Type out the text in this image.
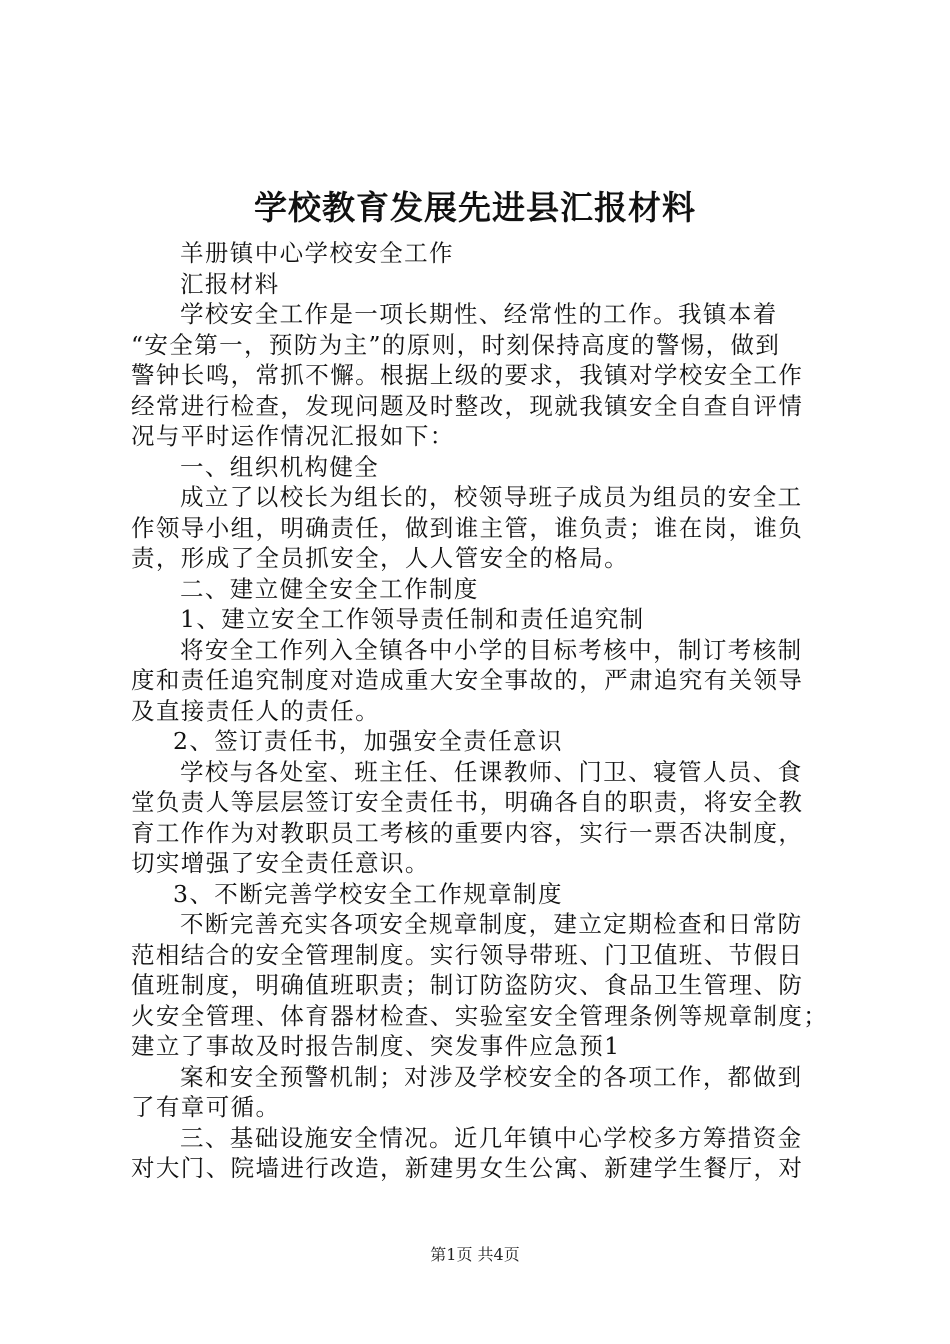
学校教育发展先进县汇报材料
羊册镇中心学校安全工作
汇报材料
学校安全工作是一项长期性、经常性的工作。我镇本着
“安全第一，预防为主”的原则，时刻保持高度的警惕，做到
警钟长鸣，常抓不懈。根据上级的要求，我镇对学校安全工作
经常进行检查，发现问题及时整改，现就我镇安全自查自评情
况与平时运作情况汇报如下：
一、组织机构健全
成立了以校长为组长的，校领导班子成员为组员的安全工
作领导小组，明确责任，做到谁主管，谁负责；谁在岗，谁负
责，形成了全员抓安全，人人管安全的格局。
二、建立健全安全工作制度
1、建立安全工作领导责任制和责任追究制
将安全工作列入全镇各中小学的目标考核中，制订考核制
度和责任追究制度对造成重大安全事故的，严肃追究有关领导
及直接责任人的责任。
2、签订责任书，加强安全责任意识
学校与各处室、班主任、任课教师、门卫、寝管人员、食
堂负责人等层层签订安全责任书，明确各自的职责，将安全教
育工作作为对教职员工考核的重要内容，实行一票否决制度，
切实增强了安全责任意识。
3、不断完善学校安全工作规章制度
不断完善充实各项安全规章制度，建立定期检查和日常防
范相结合的安全管理制度。实行领导带班、门卫值班、节假日
值班制度，明确值班职责；制订防盗防灾、食品卫生管理、防
火安全管理、体育器材检查、实验室安全管理条例等规章制度；
建立了事故及时报告制度、突发事件应急预1
案和安全预警机制；对涉及学校安全的各项工作，都做到
了有章可循。
三、基础设施安全情况。近几年镇中心学校多方筹措资金
对大门、院墙进行改造，新建男女生公寓、新建学生餐厅，对
第1页 共4页
